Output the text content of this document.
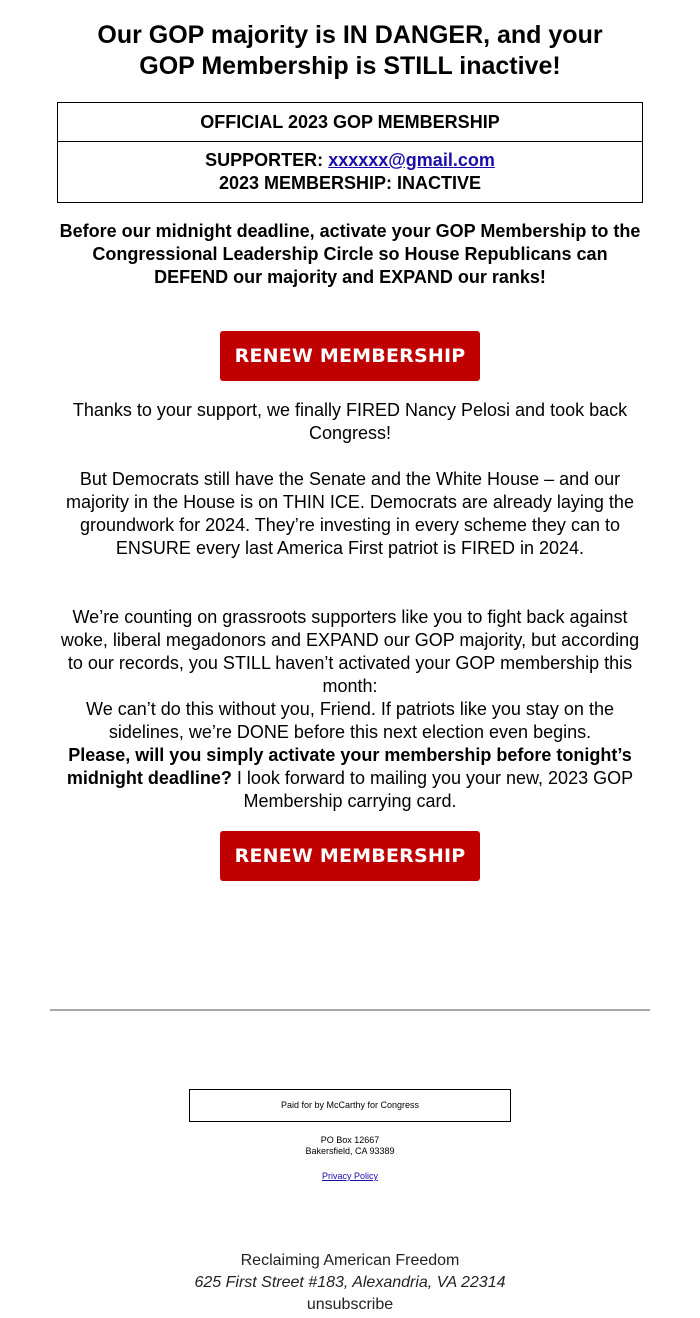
Our GOP majority is IN DANGER, and your
GOP Membership is STILL inactive!
OFFICIAL 2023 GOP MEMBERSHIP
SUPPORTER: xxxxxx@gmail.com
2023 MEMBERSHIP: INACTIVE
Before our midnight deadline, activate your GOP Membership to the Congressional Leadership Circle so House Republicans can DEFEND our majority and EXPAND our ranks!
RENEW MEMBERSHIP
Thanks to your support, we finally FIRED Nancy Pelosi and took back Congress!
But Democrats still have the Senate and the White House – and our majority in the House is on THIN ICE. Democrats are already laying the groundwork for 2024. They’re investing in every scheme they can to ENSURE every last America First patriot is FIRED in 2024.
We’re counting on grassroots supporters like you to fight back against woke, liberal megadonors and EXPAND our GOP majority, but according to our records, you STILL haven’t activated your GOP membership this month:
We can’t do this without you, Friend. If patriots like you stay on the sidelines, we’re DONE before this next election even begins.
Please, will you simply activate your membership before tonight’s midnight deadline? I look forward to mailing you your new, 2023 GOP Membership carrying card.
RENEW MEMBERSHIP
Paid for by McCarthy for Congress
PO Box 12667
Bakersfield, CA 93389
Privacy Policy
Reclaiming American Freedom
625 First Street #183, Alexandria, VA 22314
unsubscribe
